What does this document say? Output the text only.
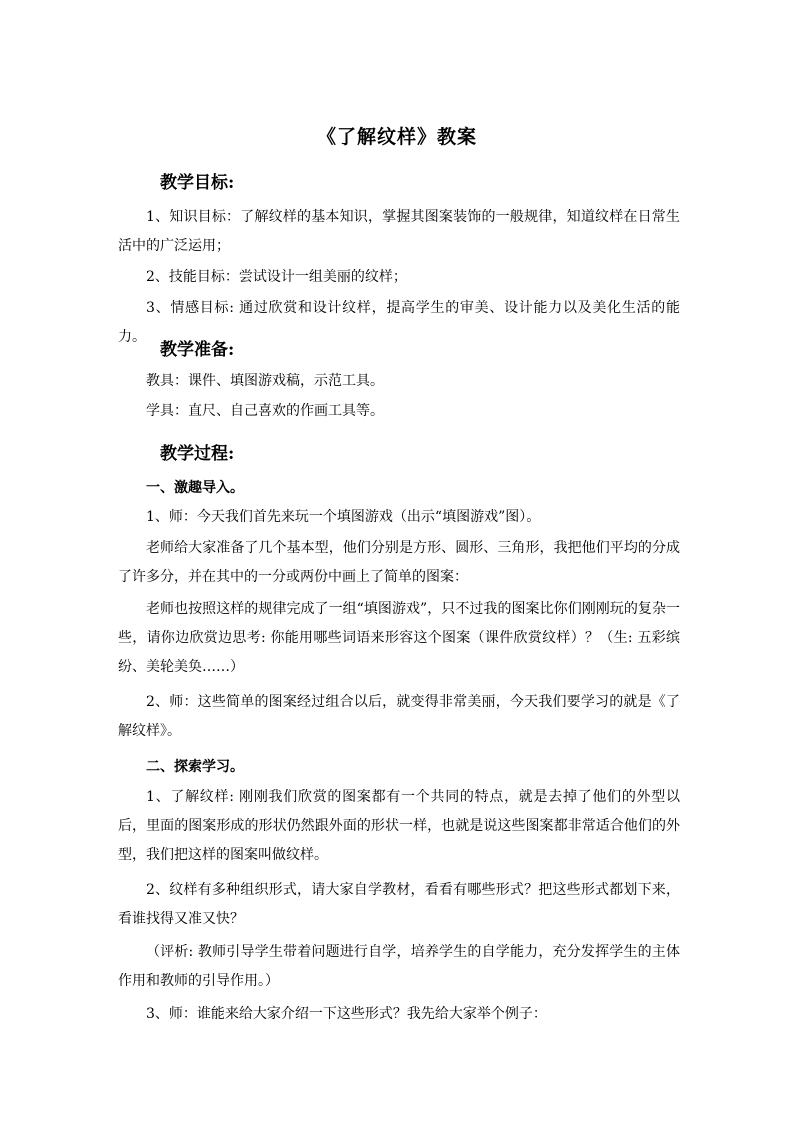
《了解纹样》教案
教学目标:

1、知识目标：了解纹样的基本知识，掌握其图案装饰的一般规律，知道纹样在日常生活中的广泛运用；

2、技能目标：尝试设计一组美丽的纹样；

3、情感目标: 通过欣赏和设计纹样，提高学生的审美、设计能力以及美化生活的能力。

教学准备:

教具：课件、填图游戏稿，示范工具。

学具：直尺、自己喜欢的作画工具等。

教学过程:
一、激趣导入。

1、师：今天我们首先来玩一个填图游戏（出示“填图游戏”图）。

老师给大家准备了几个基本型，他们分别是方形、圆形、三角形，我把他们平均的分成了许多分，并在其中的一分或两份中画上了简单的图案：

老师也按照这样的规律完成了一组“填图游戏”，只不过我的图案比你们刚刚玩的复杂一些，请你边欣赏边思考: 你能用哪些词语来形容这个图案（课件欣赏纹样）？（生: 五彩缤纷、美轮美奂……）

2、师：这些简单的图案经过组合以后，就变得非常美丽，今天我们要学习的就是《了解纹样》。

二、探索学习。

1、了解纹样: 刚刚我们欣赏的图案都有一个共同的特点，就是去掉了他们的外型以后，里面的图案形成的形状仍然跟外面的形状一样，也就是说这些图案都非常适合他们的外型，我们把这样的图案叫做纹样。

2、纹样有多种组织形式，请大家自学教材，看看有哪些形式？把这些形式都划下来，看谁找得又准又快？

（评析: 教师引导学生带着问题进行自学，培养学生的自学能力，充分发挥学生的主体作用和教师的引导作用。）

3、师：谁能来给大家介绍一下这些形式？我先给大家举个例子：
